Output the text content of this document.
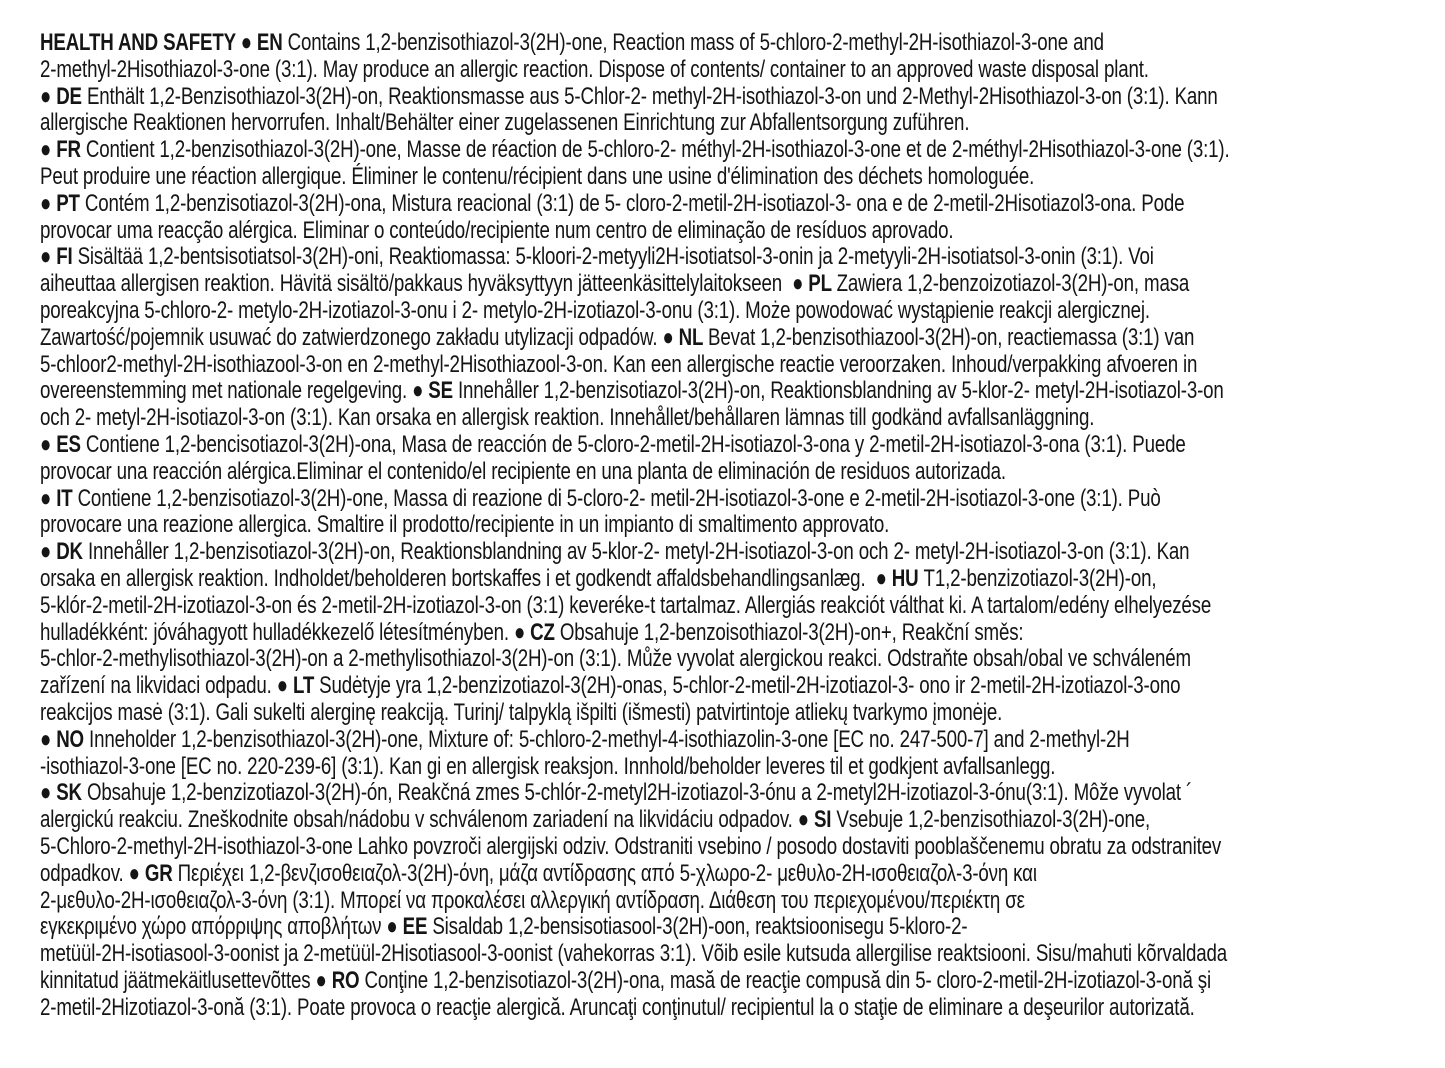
HEALTH AND SAFETY ● EN Contains 1,2-benzisothiazol-3(2H)-one, Reaction mass of 5-chloro-2-methyl-2H-isothiazol-3-one and
2-methyl-2Hisothiazol-3-one (3:1). May produce an allergic reaction. Dispose of contents/ container to an approved waste disposal plant.
● DE Enthält 1,2-Benzisothiazol-3(2H)-on, Reaktionsmasse aus 5-Chlor-2- methyl-2H-isothiazol-3-on und 2-Methyl-2Hisothiazol-3-on (3:1). Kann
allergische Reaktionen hervorrufen. Inhalt/Behälter einer zugelassenen Einrichtung zur Abfallentsorgung zuführen.
● FR Contient 1,2-benzisothiazol-3(2H)-one, Masse de réaction de 5-chloro-2- méthyl-2H-isothiazol-3-one et de 2-méthyl-2Hisothiazol-3-one (3:1).
Peut produire une réaction allergique. Éliminer le contenu/récipient dans une usine d'élimination des déchets homologuée.
● PT Contém 1,2-benzisotiazol-3(2H)-ona, Mistura reacional (3:1) de 5- cloro-2-metil-2H-isotiazol-3- ona e de 2-metil-2Hisotiazol3-ona. Pode
provocar uma reacção alérgica. Eliminar o conteúdo/recipiente num centro de eliminação de resíduos aprovado.
● FI Sisältää 1,2-bentsisotiatsol-3(2H)-oni, Reaktiomassa: 5-kloori-2-metyyli2H-isotiatsol-3-onin ja 2-metyyli-2H-isotiatsol-3-onin (3:1). Voi
aiheuttaa allergisen reaktion. Hävitä sisältö/pakkaus hyväksyttyyn jätteenkäsittelylaitokseen  ● PL Zawiera 1,2-benzoizotiazol-3(2H)-on, masa
poreakcyjna 5-chloro-2- metylo-2H-izotiazol-3-onu i 2- metylo-2H-izotiazol-3-onu (3:1). Może powodować wystąpienie reakcji alergicznej.
Zawartość/pojemnik usuwać do zatwierdzonego zakładu utylizacji odpadów. ● NL Bevat 1,2-benzisothiazool-3(2H)-on, reactiemassa (3:1) van
5-chloor2-methyl-2H-isothiazool-3-on en 2-methyl-2Hisothiazool-3-on. Kan een allergische reactie veroorzaken. Inhoud/verpakking afvoeren in
overeenstemming met nationale regelgeving. ● SE Innehåller 1,2-benzisotiazol-3(2H)-on, Reaktionsblandning av 5-klor-2- metyl-2H-isotiazol-3-on
och 2- metyl-2H-isotiazol-3-on (3:1). Kan orsaka en allergisk reaktion. Innehållet/behållaren lämnas till godkänd avfallsanläggning.
● ES Contiene 1,2-bencisotiazol-3(2H)-ona, Masa de reacción de 5-cloro-2-metil-2H-isotiazol-3-ona y 2-metil-2H-isotiazol-3-ona (3:1). Puede
provocar una reacción alérgica.Eliminar el contenido/el recipiente en una planta de eliminación de residuos autorizada.
● IT Contiene 1,2-benzisotiazol-3(2H)-one, Massa di reazione di 5-cloro-2- metil-2H-isotiazol-3-one e 2-metil-2H-isotiazol-3-one (3:1). Può
provocare una reazione allergica. Smaltire il prodotto/recipiente in un impianto di smaltimento approvato.
● DK Innehåller 1,2-benzisotiazol-3(2H)-on, Reaktionsblandning av 5-klor-2- metyl-2H-isotiazol-3-on och 2- metyl-2H-isotiazol-3-on (3:1). Kan
orsaka en allergisk reaktion. Indholdet/beholderen bortskaffes i et godkendt affaldsbehandlingsanlæg.  ● HU T1,2-benzizotiazol-3(2H)-on,
5-klór-2-metil-2H-izotiazol-3-on és 2-metil-2H-izotiazol-3-on (3:1) keveréke-t tartalmaz. Allergiás reakciót válthat ki. A tartalom/edény elhelyezése
hulladékként: jóváhagyott hulladékkezelő létesítményben. ● CZ Obsahuje 1,2-benzoisothiazol-3(2H)-on+, Reakční směs:
5-chlor-2-methylisothiazol-3(2H)-on a 2-methylisothiazol-3(2H)-on (3:1). Může vyvolat alergickou reakci. Odstraňte obsah/obal ve schváleném
zařízení na likvidaci odpadu. ● LT Sudėtyje yra 1,2-benzizotiazol-3(2H)-onas, 5-chlor-2-metil-2H-izotiazol-3- ono ir 2-metil-2H-izotiazol-3-ono
reakcijos masė (3:1). Gali sukelti alerginę reakciją. Turinj/ talpyklą išpilti (išmesti) patvirtintoje atliekų tvarkymo įmonėje.
● NO Inneholder 1,2-benzisothiazol-3(2H)-one, Mixture of: 5-chloro-2-methyl-4-isothiazolin-3-one [EC no. 247-500-7] and 2-methyl-2H
-isothiazol-3-one [EC no. 220-239-6] (3:1). Kan gi en allergisk reaksjon. Innhold/beholder leveres til et godkjent avfallsanlegg.
● SK Obsahuje 1,2-benzizotiazol-3(2H)-ón, Reakčná zmes 5-chlór-2-metyl2H-izotiazol-3-ónu a 2-metyl2H-izotiazol-3-ónu(3:1). Môže vyvolat ´
alergickú reakciu. Zneškodnite obsah/nádobu v schválenom zariadení na likvidáciu odpadov. ● SI Vsebuje 1,2-benzisothiazol-3(2H)-one,
5-Chloro-2-methyl-2H-isothiazol-3-one Lahko povzroči alergijski odziv. Odstraniti vsebino / posodo dostaviti pooblaščenemu obratu za odstranitev
odpadkov. ● GR Περιέχει 1,2-βενζισοθειαζολ-3(2H)-όνη, μάζα αντίδρασης από 5-χλωρο-2- μεθυλο-2H-ισοθειαζολ-3-όνη και
2-μεθυλο-2Η-ισοθειαζολ-3-όνη (3:1). Μπορεί να προκαλέσει αλλεργική αντίδραση. Διάθεση του περιεχομένου/περιέκτη σε
εγκεκριμένο χώρο απόρριψης αποβλήτων ● EE Sisaldab 1,2-bensisotiasool-3(2H)-oon, reaktsioonisegu 5-kloro-2-
metüül-2H-isotiasool-3-oonist ja 2-metüül-2Hisotiasool-3-oonist (vahekorras 3:1). Võib esile kutsuda allergilise reaktsiooni. Sisu/mahuti kõrvaldada
kinnitatud jäätmekäitlusettevõttes ● RO Conţine 1,2-benzisotiazol-3(2H)-ona, masă de reacţie compusă din 5- cloro-2-metil-2H-izotiazol-3-onă şi
2-metil-2Hizotiazol-3-onă (3:1). Poate provoca o reacţie alergică. Aruncaţi conţinutul/ recipientul la o staţie de eliminare a deşeurilor autorizată.
